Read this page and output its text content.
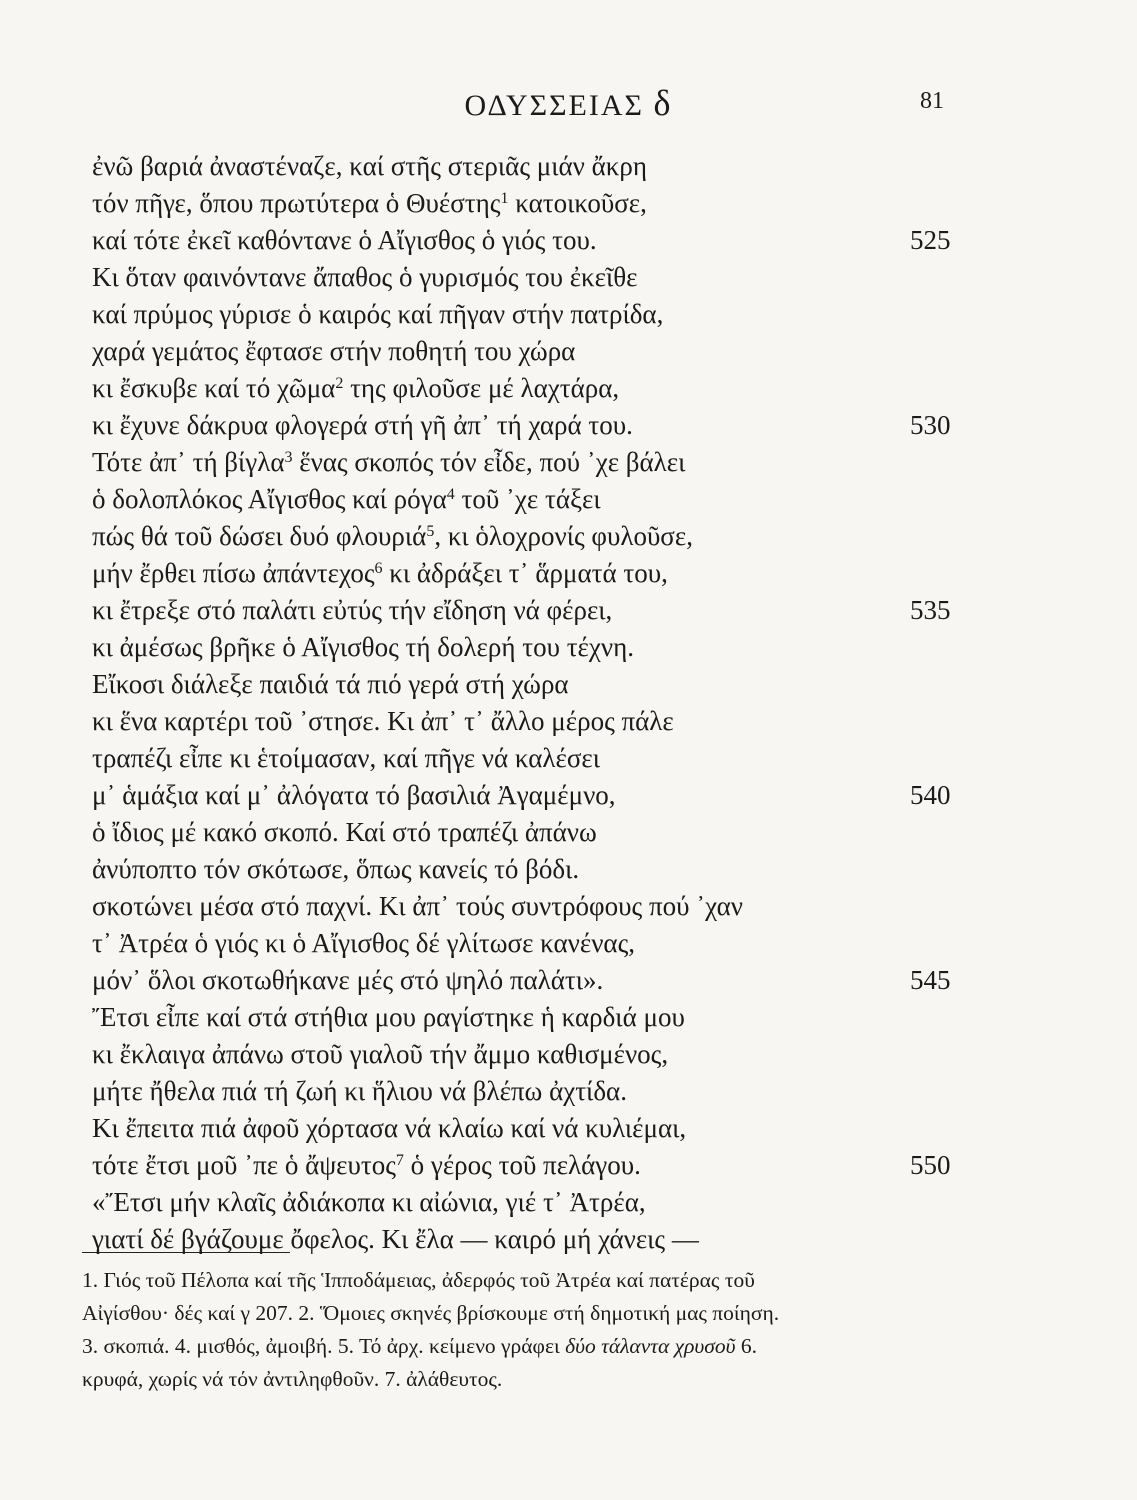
ΟΔΥΣΣΕΙΑΣ δ	81
ἐνῶ βαριά ἀναστέναζε, καί στῆς στεριᾶς μιάν ἄκρη
τόν πῆγε, ὅπου πρωτύτερα ὁ Θυέστης$^1$ κατοικοῦσε,
καί τότε ἐκεῖ καθόντανε ὁ Αἴγισθος ὁ γιός του.	525
Κι ὅταν φαινόντανε ἄπαθος ὁ γυρισμός του ἐκεῖθε
καί πρύμος γύρισε ὁ καιρός καί πῆγαν στήν πατρίδα,
χαρά γεμάτος ἔφτασε στήν ποθητή του χώρα
κι ἔσκυβε καί τό χῶμα$^2$ της φιλοῦσε μέ λαχτάρα,
κι ἔχυνε δάκρυα φλογερά στή γῆ ἀπ᾿ τή χαρά του.	530
Τότε ἀπ᾿ τή βίγλα$^3$ ἕνας σκοπός τόν εἶδε, πού ᾿χε βάλει
ὁ δολοπλόκος Αἴγισθος καί ρόγα$^4$ τοῦ ᾿χε τάξει
πώς θά τοῦ δώσει δυό φλουριά$^5$, κι ὁλοχρονίς φυλοῦσε,
μήν ἔρθει πίσω ἀπάντεχος$^6$ κι ἀδράξει τ᾿ ἅρματά του,
κι ἔτρεξε στό παλάτι εὐτύς τήν εἴδηση νά φέρει,	535
κι ἀμέσως βρῆκε ὁ Αἴγισθος τή δολερή του τέχνη.
Εἴκοσι διάλεξε παιδιά τά πιό γερά στή χώρα
κι ἕνα καρτέρι τοῦ ᾿στησε. Κι ἀπ᾿ τ᾿ ἄλλο μέρος πάλε
τραπέζι εἶπε κι ἑτοίμασαν, καί πῆγε νά καλέσει
μ᾿ ἁμάξια καί μ᾿ ἀλόγατα τό βασιλιά Ἀγαμέμνο,	540
ὁ ἴδιος μέ κακό σκοπό. Καί στό τραπέζι ἀπάνω
ἀνύποπτο τόν σκότωσε, ὅπως κανείς τό βόδι.
σκοτώνει μέσα στό παχνί. Κι ἀπ᾿ τούς συντρόφους πού ᾿χαν
τ᾿ Ἀτρέα ὁ γιός κι ὁ Αἴγισθος δέ γλίτωσε κανένας,
μόν᾿ ὅλοι σκοτωθήκανε μές στό ψηλό παλάτι».	545
Ἔτσι εἶπε καί στά στήθια μου ραγίστηκε ἡ καρδιά μου
κι ἔκλαιγα ἀπάνω στοῦ γιαλοῦ τήν ἄμμο καθισμένος,
μήτε ἤθελα πιά τή ζωή κι ἥλιου νά βλέπω ἀχτίδα.
Κι ἔπειτα πιά ἀφοῦ χόρτασα νά κλαίω καί νά κυλιέμαι,
τότε ἔτσι μοῦ ᾿πε ὁ ἄψευτος$^7$ ὁ γέρος τοῦ πελάγου.	550
«Ἔτσι μήν κλαῖς ἀδιάκοπα κι αἰώνια, γιέ τ᾿ Ἀτρέα,
γιατί δέ βγάζουμε ὄφελος. Κι ἔλα — καιρό μή χάνεις —
1. Γιός τοῦ Πέλοπα καί τῆς Ἱπποδάμειας, ἀδερφός τοῦ Ἀτρέα καί πατέρας τοῦ
Αἰγίσθου· δές καί γ 207. 2. Ὅμοιες σκηνές βρίσκουμε στή δημοτική μας ποίηση.
3. σκοπιά. 4. μισθός, ἀμοιβή. 5. Τό ἀρχ. κείμενο γράφει δύο τάλαντα χρυσοῦ 6.
κρυφά, χωρίς νά τόν ἀντιληφθοῦν. 7. ἀλάθευτος.
